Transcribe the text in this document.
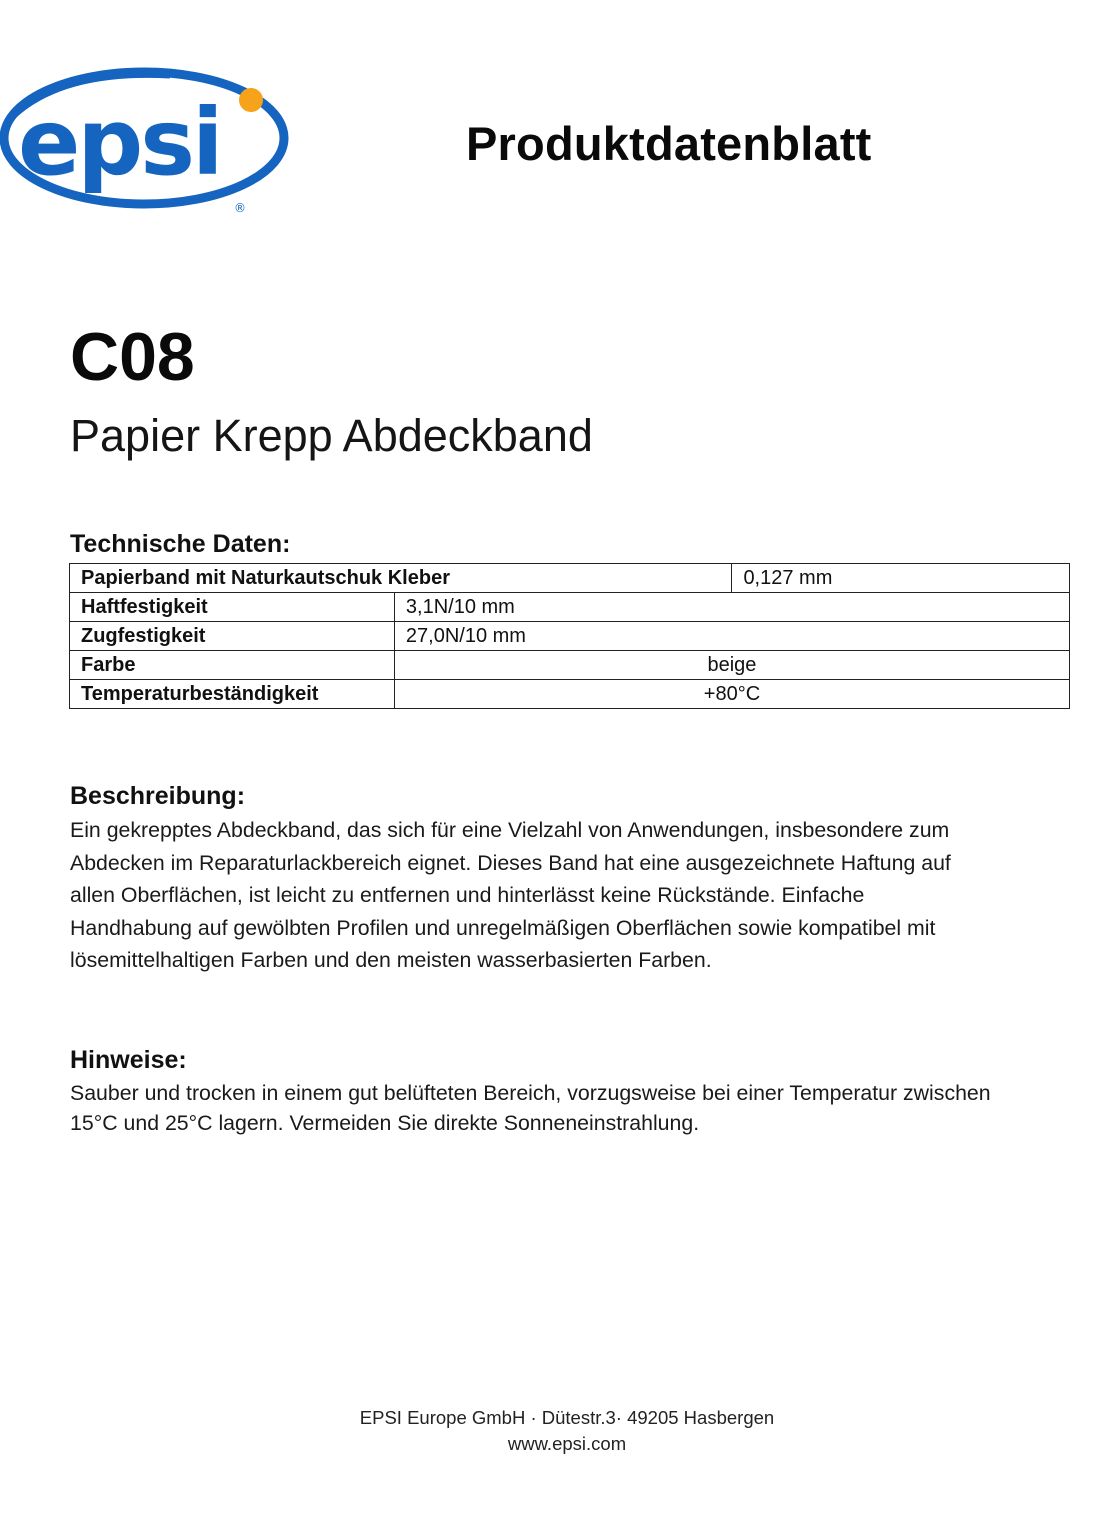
epsi
®
Produktdatenblatt
C08
Papier Krepp Abdeckband
Technische Daten:
Papierband mit Naturkautschuk Kleber		0,127 mm
Haftfestigkeit	3,1N/10 mm	
Zugfestigkeit	27,0N/10 mm	
Farbe	beige	
Temperaturbeständigkeit	+80°C	
Beschreibung:
Ein gekrepptes Abdeckband, das sich für eine Vielzahl von Anwendungen, insbesondere zum
Abdecken im Reparaturlackbereich eignet. Dieses Band hat eine ausgezeichnete Haftung auf
allen Oberflächen, ist leicht zu entfernen und hinterlässt keine Rückstände. Einfache
Handhabung auf gewölbten Profilen und unregelmäßigen Oberflächen sowie kompatibel mit
lösemittelhaltigen Farben und den meisten wasserbasierten Farben.
Hinweise:
Sauber und trocken in einem gut belüfteten Bereich, vorzugsweise bei einer Temperatur zwischen
15°C und 25°C lagern. Vermeiden Sie direkte Sonneneinstrahlung.

EPSI Europe GmbH · Dütestr.3· 49205 Hasbergen

www.epsi.com
